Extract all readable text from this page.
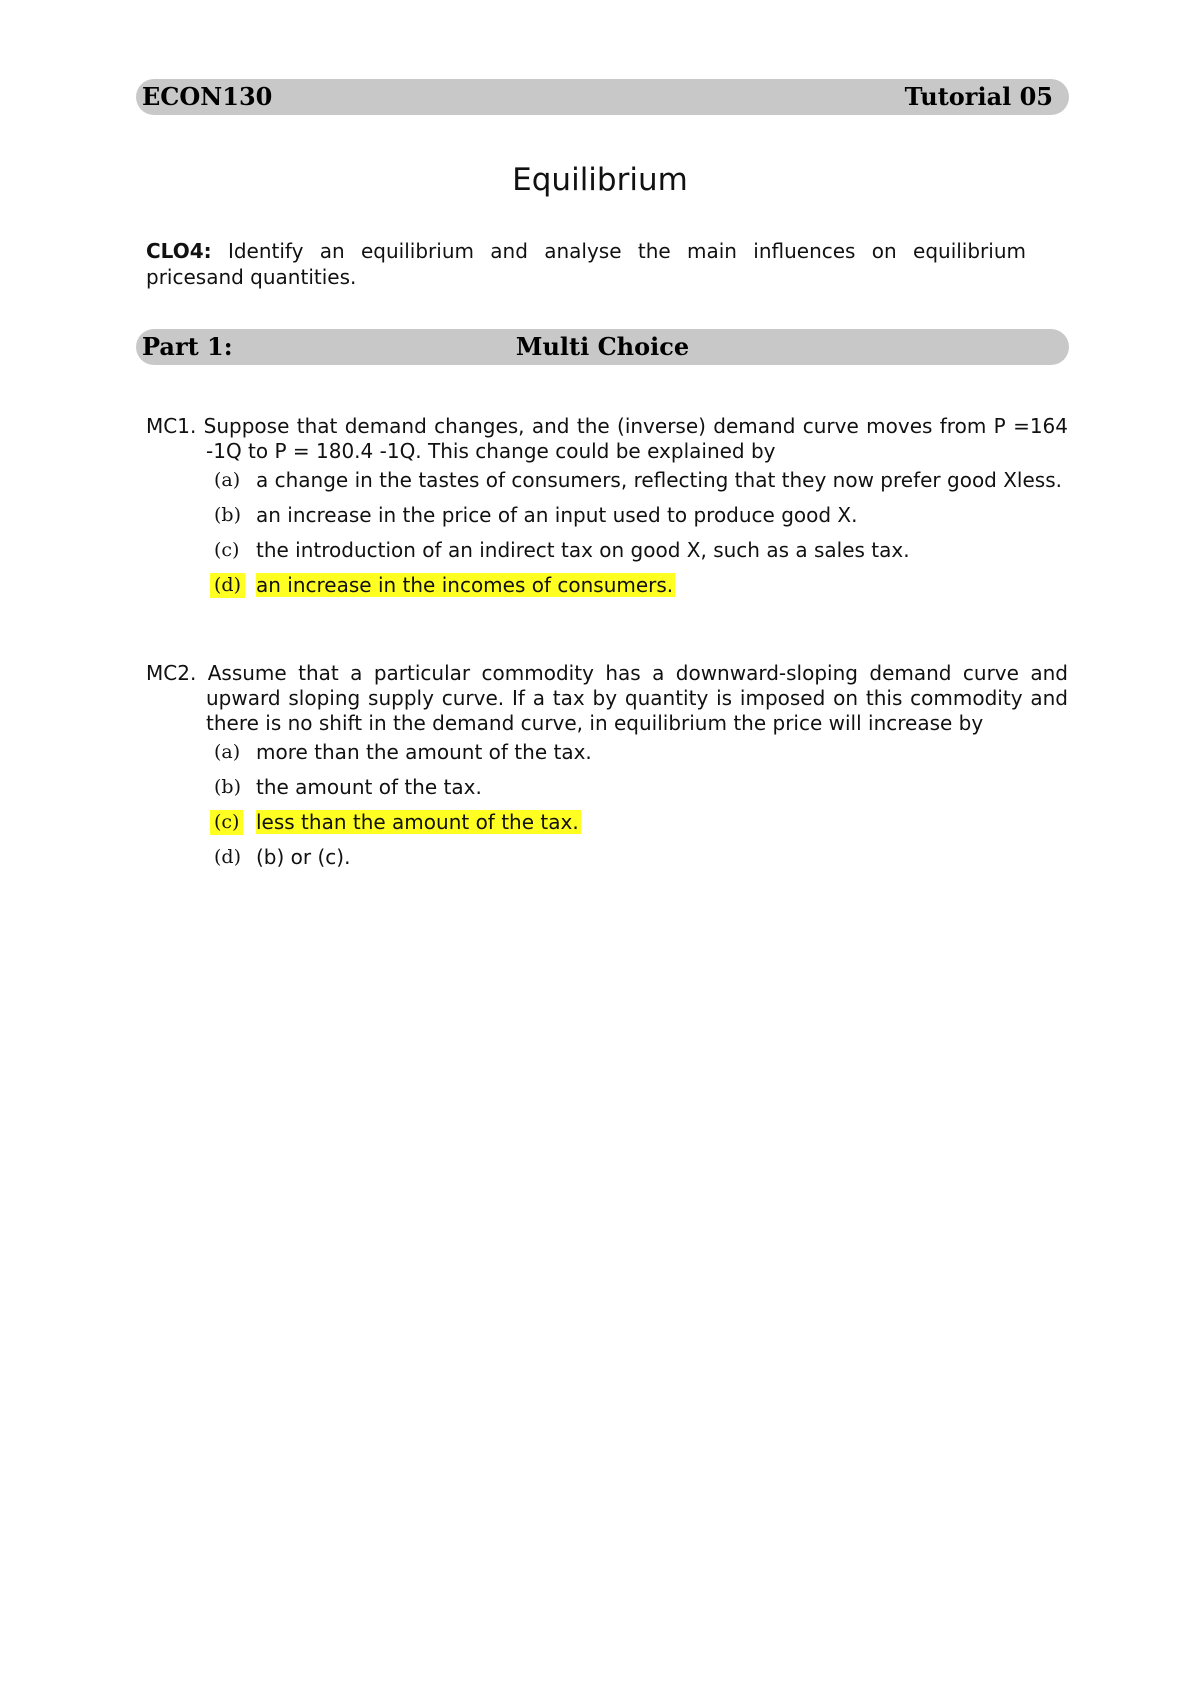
ECON130	Tutorial 05
Equilibrium
CLO4: Identify an equilibrium and analyse the main influences on equilibrium pricesand quantities.
Part 1:	Multi Choice
MC1. Suppose that demand changes, and the (inverse) demand curve moves from P =164 -1Q to P = 180.4 -1Q. This change could be explained by
(a) a change in the tastes of consumers, reflecting that they now prefer good Xless.
(b) an increase in the price of an input used to produce good X.
(c) the introduction of an indirect tax on good X, such as a sales tax.
(d) an increase in the incomes of consumers.
MC2. Assume that a particular commodity has a downward-sloping demand curve and upward sloping supply curve. If a tax by quantity is imposed on this commodity and there is no shift in the demand curve, in equilibrium the price will increase by
(a) more than the amount of the tax.
(b) the amount of the tax.
(c) less than the amount of the tax.
(d) (b) or (c).
